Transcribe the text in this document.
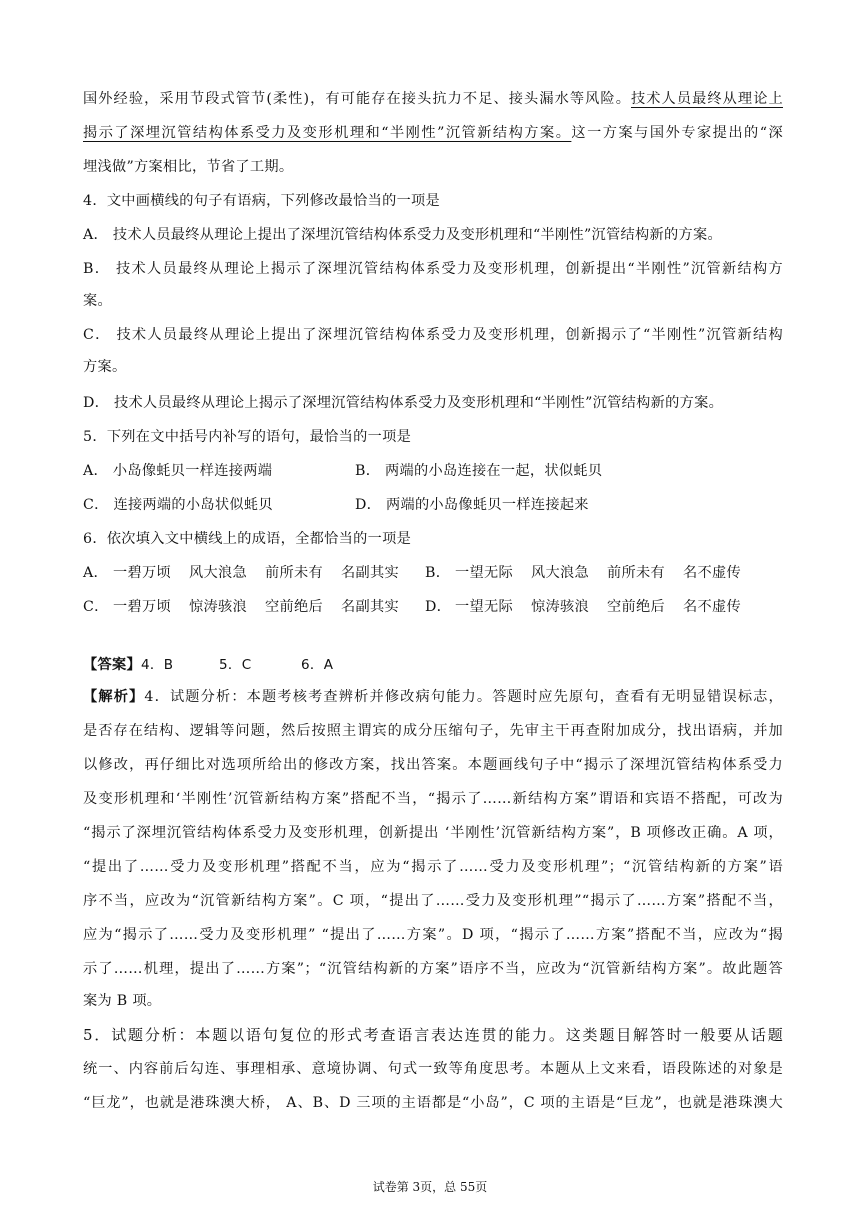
国外经验，采用节段式管节(柔性)，有可能存在接头抗力不足、接头漏水等风险。技术人员最终从理论上
揭示了深埋沉管结构体系受力及变形机理和“半刚性”沉管新结构方案。这一方案与国外专家提出的“深
埋浅做”方案相比，节省了工期。
4．文中画横线的句子有语病，下列修改最恰当的一项是
A． 技术人员最终从理论上提出了深埋沉管结构体系受力及变形机理和“半刚性”沉管结构新的方案。
B． 技术人员最终从理论上揭示了深埋沉管结构体系受力及变形机理，创新提出“半刚性”沉管新结构方
案。
C． 技术人员最终从理论上提出了深埋沉管结构体系受力及变形机理，创新揭示了“半刚性”沉管新结构
方案。
D． 技术人员最终从理论上揭示了深埋沉管结构体系受力及变形机理和“半刚性”沉管结构新的方案。
5．下列在文中括号内补写的语句，最恰当的一项是
A． 小岛像蚝贝一样连接两端	B． 两端的小岛连接在一起，状似蚝贝
C． 连接两端的小岛状似蚝贝	D． 两端的小岛像蚝贝一样连接起来
6．依次填入文中横线上的成语，全都恰当的一项是
A． 一碧万顷 风大浪急 前所未有 名副其实 B． 一望无际 风大浪急 前所未有 名不虚传
C． 一碧万顷 惊涛骇浪 空前绝后 名副其实 D． 一望无际 惊涛骇浪 空前绝后 名不虚传
【答案】 4．B	5．C	6．A
【解析】4．试题分析：本题考核考查辨析并修改病句能力。答题时应先原句，查看有无明显错误标志，
是否存在结构、逻辑等问题，然后按照主谓宾的成分压缩句子，先审主干再查附加成分，找出语病，并加
以修改，再仔细比对选项所给出的修改方案，找出答案。本题画线句子中“揭示了深埋沉管结构体系受力
及变形机理和‘半刚性’沉管新结构方案”搭配不当，“揭示了……新结构方案”谓语和宾语不搭配，可改为
“揭示了深埋沉管结构体系受力及变形机理，创新提出 ‘半刚性’沉管新结构方案”，B 项修改正确。A 项，
“提出了……受力及变形机理”搭配不当，应为“揭示了……受力及变形机理”；“沉管结构新的方案”语
序不当，应改为“沉管新结构方案”。C 项，“提出了……受力及变形机理”“揭示了……方案”搭配不当，
应为“揭示了……受力及变形机理” “提出了……方案”。D 项，“揭示了……方案”搭配不当，应改为“揭
示了……机理，提出了……方案”；“沉管结构新的方案”语序不当，应改为“沉管新结构方案”。故此题答
案为 B 项。
5．试题分析：本题以语句复位的形式考查语言表达连贯的能力。这类题目解答时一般要从话题
统一、内容前后勾连、事理相承、意境协调、句式一致等角度思考。本题从上文来看，语段陈述的对象是
“巨龙”，也就是港珠澳大桥， A、B、D 三项的主语都是“小岛”，C 项的主语是“巨龙”，也就是港珠澳大
试卷第 3页，总 55页
